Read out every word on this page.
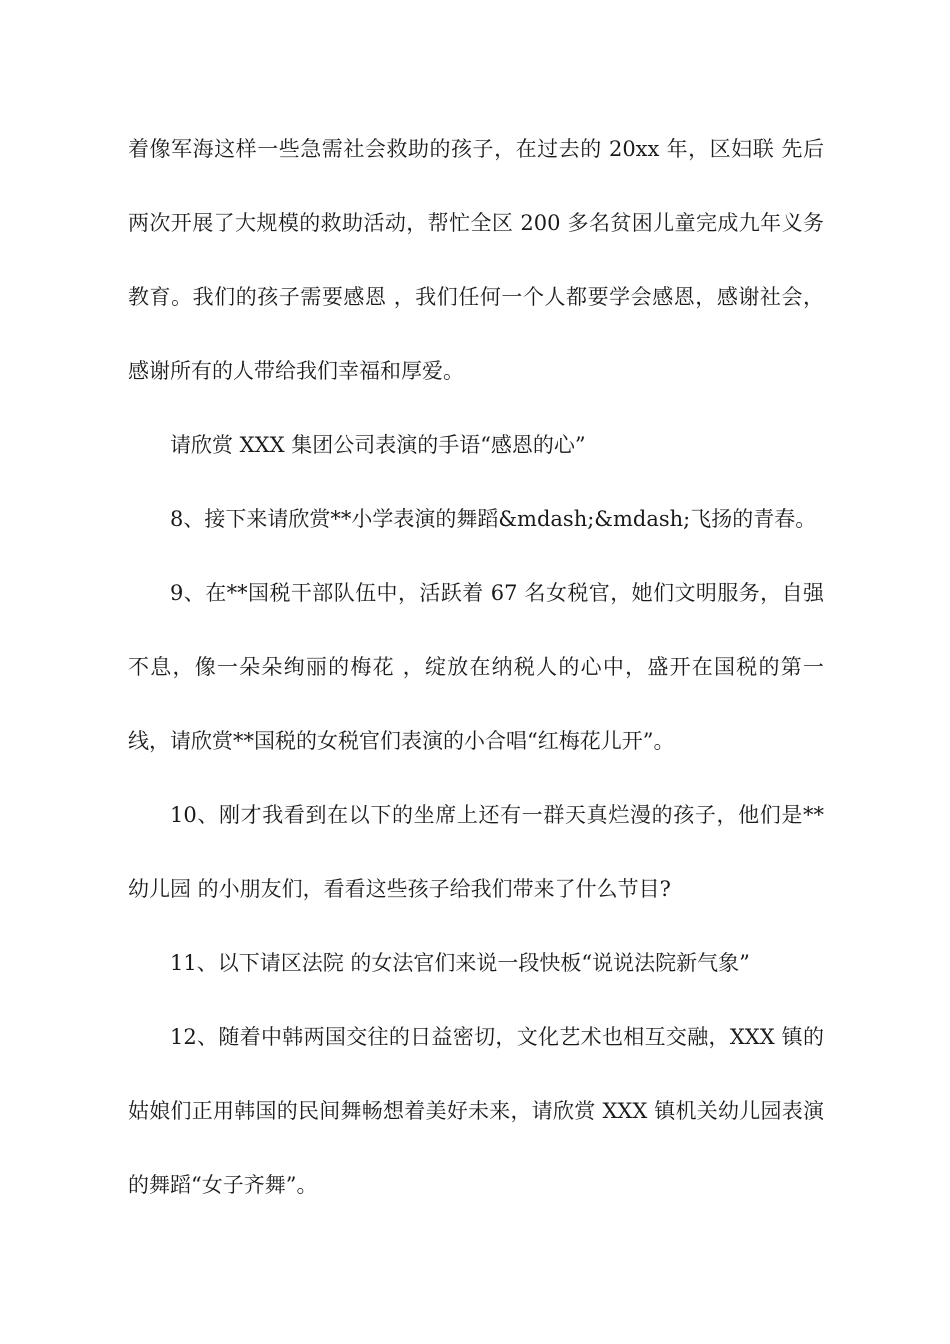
着像军海这样一些急需社会救助的孩子，在过去的 20xx 年，区妇联 先后两次开展了大规模的救助活动，帮忙全区 200 多名贫困儿童完成九年义务教育。我们的孩子需要感恩 ，我们任何一个人都要学会感恩，感谢社会，感谢所有的人带给我们幸福和厚爱。

请欣赏 XXX 集团公司表演的手语“感恩的心”

8、接下来请欣赏**小学表演的舞蹈&mdash;&mdash;飞扬的青春。

9、在**国税干部队伍中，活跃着 67 名女税官，她们文明服务，自强不息，像一朵朵绚丽的梅花 ，绽放在纳税人的心中，盛开在国税的第一线，请欣赏**国税的女税官们表演的小合唱“红梅花儿开”。

10、刚才我看到在以下的坐席上还有一群天真烂漫的孩子，他们是**幼儿园 的小朋友们，看看这些孩子给我们带来了什么节目?

11、以下请区法院 的女法官们来说一段快板“说说法院新气象”

12、随着中韩两国交往的日益密切，文化艺术也相互交融，XXX 镇的姑娘们正用韩国的民间舞畅想着美好未来，请欣赏 XXX 镇机关幼儿园表演的舞蹈“女子齐舞”。
